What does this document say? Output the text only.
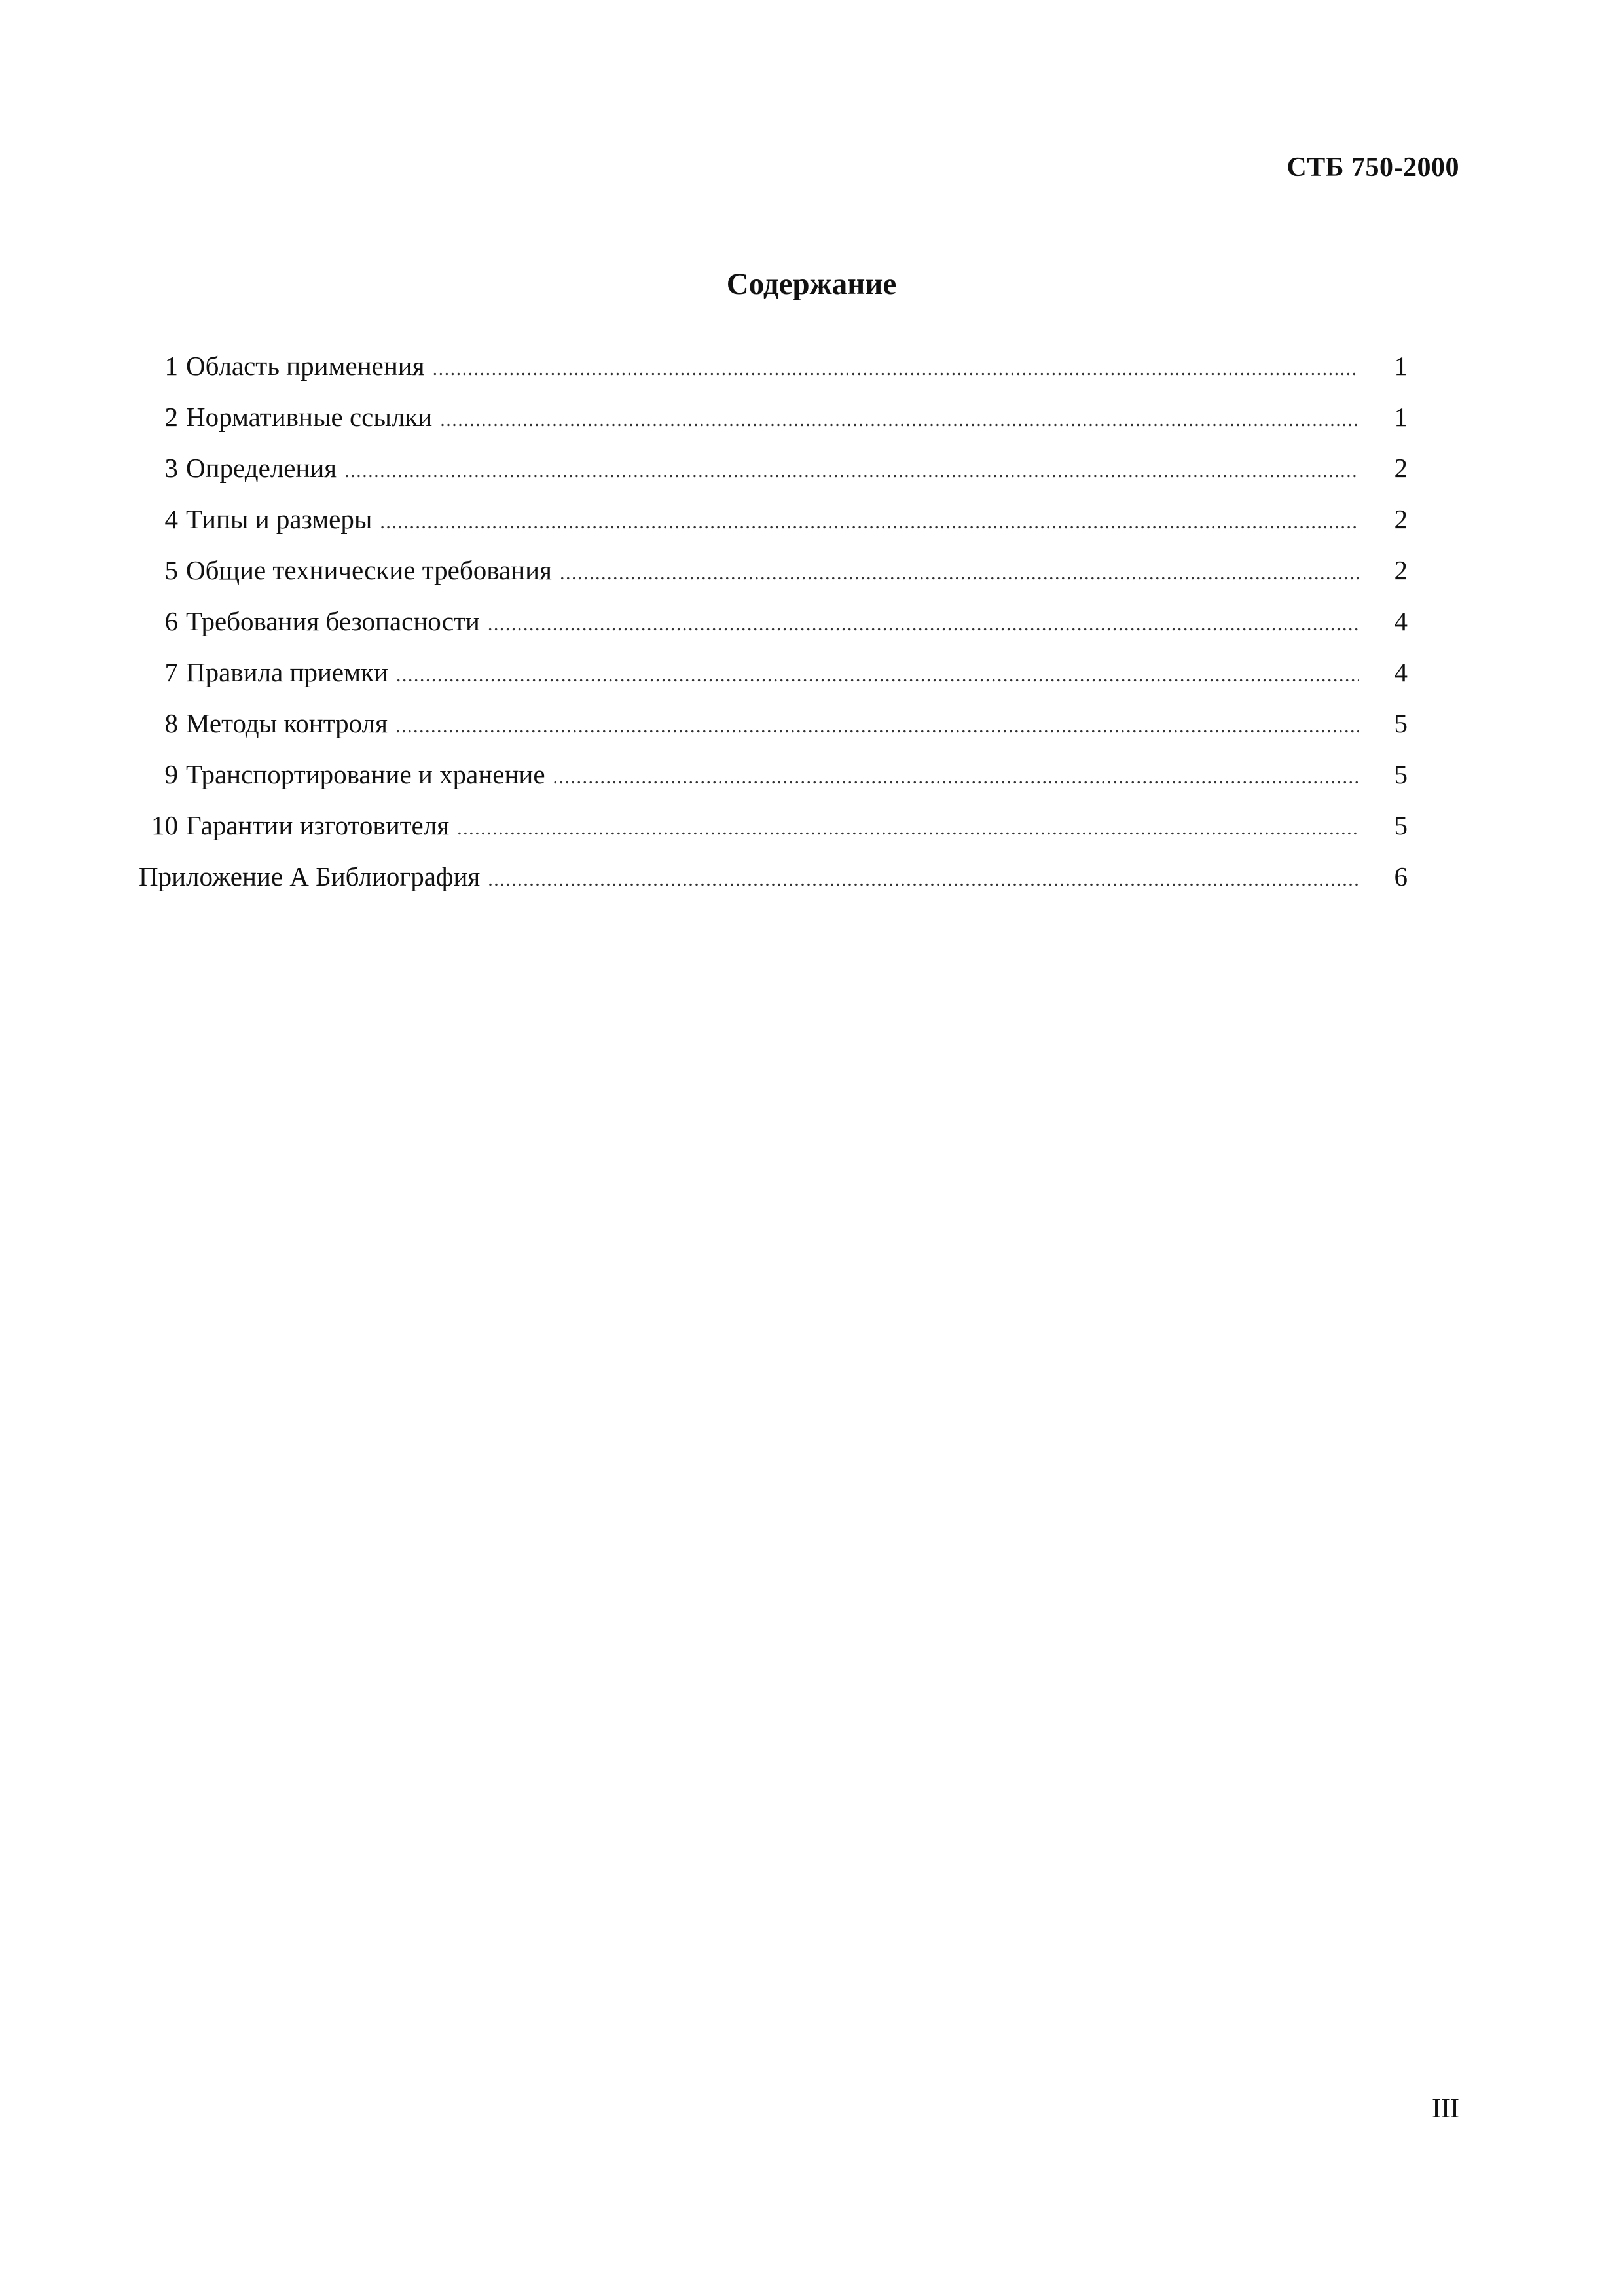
СТБ 750-2000
Содержание
1 Область применения . . .	1
2 Нормативные ссылки . . .	1
3 Определения . . .	2
4 Типы и размеры . . .	2
5 Общие технические требования . . .	2
6 Требования безопасности . . .	4
7 Правила приемки . . .	4
8 Методы контроля . . .	5
9 Транспортирование и хранение . . .	5
10 Гарантии изготовителя . . .	5
Приложение А Библиография . . .	6
III
